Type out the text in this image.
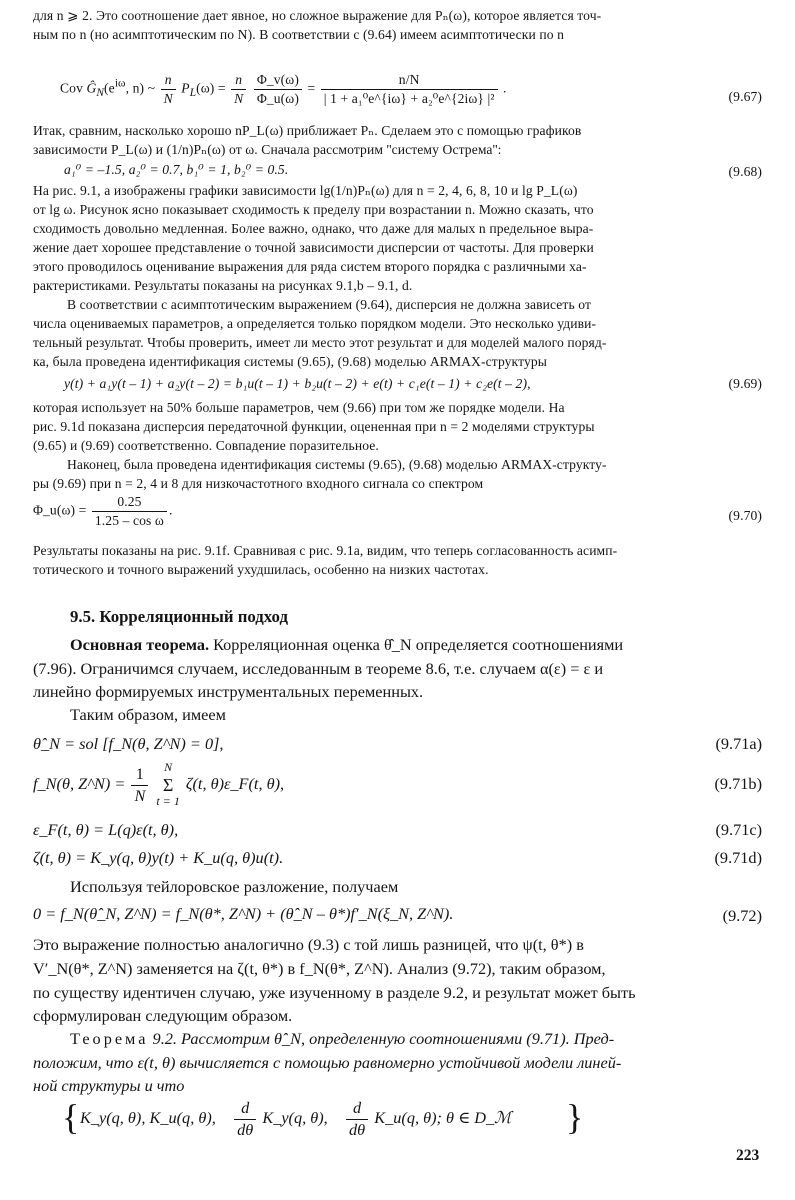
для n ⩾ 2. Это соотношение дает явное, но сложное выражение для Pₙ(ω), которое является точ-
ным по n (но асимптотическим по N). В соответствии с (9.64) имеем асимптотически по n
Cov $Ĝ_N(e^{i\omega}$, n) ~ $\frac{n}{N} P_L(\omega) = \frac{n}{N}$
$\frac{\Phi\_v(\omega)}{\Phi\_u(\omega)} = \frac{n/N}{\text{| 1 + a₁⁰e\textasciicircum{}\{iω\} + a₂⁰e\textasciicircum{}\{2iω\} |²}}$ .
(9.67)
Итак, сравним, насколько хорошо nP_L(ω) приближает Pₙ. Сделаем это с помощью графиков
зависимости P_L(ω) и (1/n)Pₙ(ω) от ω. Сначала рассмотрим ''систему Острема'':
a₁⁰ = –1.5, a₂⁰ = 0.7, b₁⁰ = 1, b₂⁰ = 0.5.	(9.68)
На рис. 9.1, а изображены графики зависимости lg(1/n)Pₙ(ω) для n = 2, 4, 6, 8, 10 и lg P_L(ω)
от lg ω. Рисунок ясно показывает сходимость к пределу при возрастании n. Можно сказать, что
сходимость довольно медленная. Более важно, однако, что даже для малых n предельное выра-
жение дает хорошее представление о точной зависимости дисперсии от частоты. Для проверки
этого проводилось оценивание выражения для ряда систем второго порядка с различными ха-
рактеристиками. Результаты показаны на рисунках 9.1,b – 9.1, d.
В соответствии с асимптотическим выражением (9.64), дисперсия не должна зависеть от
числа оцениваемых параметров, а определяется только порядком модели. Это несколько удиви-
тельный результат. Чтобы проверить, имеет ли место этот результат и для моделей малого поряд-
ка, была проведена идентификация системы (9.65), (9.68) моделью ARMAX-структуры
y(t) + a₁y(t – 1) + a₂y(t – 2) = b₁u(t – 1) + b₂u(t – 2) + e(t) + c₁e(t – 1) + c₂e(t – 2),	(9.69)
которая использует на 50% больше параметров, чем (9.66) при том же порядке модели. На
рис. 9.1d показана дисперсия передаточной функции, оцененная при n = 2 моделями структуры
(9.65) и (9.69) соответственно. Совпадение поразительное.
Наконец, была проведена идентификация системы (9.65), (9.68) моделью ARMAX-структу-
ры (9.69) при n = 2, 4 и 8 для низкочастотного входного сигнала со спектром
Φ_u(ω) = $\frac{0.25}{\text{1.25 – cos ω}}$ .	(9.70)
Результаты показаны на рис. 9.1f. Сравнивая с рис. 9.1a, видим, что теперь согласованность асимп-
тотического и точного выражений ухудшилась, особенно на низких частотах.
9.5. Корреляционный подход
Основная теорема. Корреляционная оценка θ̂_N определяется соотношениями
(7.96). Ограничимся случаем, исследованным в теореме 8.6, т.е. случаем α(ε) = ε и
линейно формируемых инструментальных переменных.
Таким образом, имеем
θ̂_N = sol [f_N(θ, Z^N) = 0],	(9.71a)
f_N(θ, Z^N) = $\frac{1}{N}$
	N
Σ
t = 1
ζ(t, θ)ε_F(t, θ),	(9.71b)
ε_F(t, θ) = L(q)ε(t, θ),	(9.71c)
ζ(t, θ) = K_y(q, θ)y(t) + K_u(q, θ)u(t).	(9.71d)
Используя тейлоровское разложение, получаем
0 = f_N(θ̂_N, Z^N) = f_N(θ*, Z^N) + (θ̂_N – θ*)f′_N(ξ_N, Z^N).	(9.72)
Это выражение полностью аналогично (9.3) с той лишь разницей, что ψ(t, θ*) в
V′_N(θ*, Z^N) заменяется на ζ(t, θ*) в f_N(θ*, Z^N). Анализ (9.72), таким образом,
по существу идентичен случаю, уже изученному в разделе 9.2, и результат может быть
сформулирован следующим образом.
Теорема 9.2. Рассмотрим θ̂_N, определенную соотношениями (9.71). Пред-
положим, что ε(t, θ) вычисляется с помощью равномерно устойчивой модели линей-
ной структуры и что
{ K_y(q, θ), K_u(q, θ), $\frac{d}{d\theta}$ K_y(q, θ), $\frac{d}{d\theta}$ K_u(q, θ); θ ∈ D_ℳ }
223
